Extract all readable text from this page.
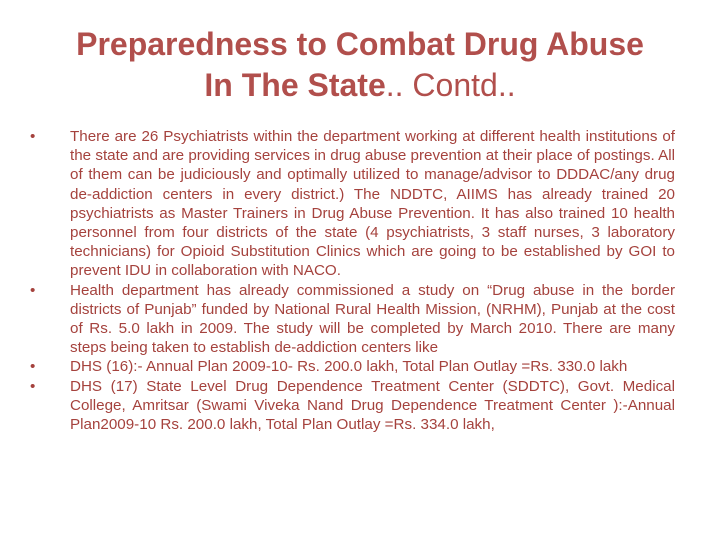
Preparedness to Combat Drug Abuse
In The State.. Contd..
•	There are 26 Psychiatrists within the department working at different health institutions of the state and are providing services in drug abuse prevention at their place of postings. All of them can be judiciously and optimally utilized to manage/advisor to DDDAC/any drug de-addiction centers in every district.) The NDDTC, AIIMS has already trained 20 psychiatrists as Master Trainers in Drug Abuse Prevention. It has also trained 10 health personnel from four districts of the state (4 psychiatrists, 3 staff nurses, 3 laboratory technicians) for Opioid Substitution Clinics which are going to be established by GOI to prevent IDU in collaboration with NACO.
•	Health department has already commissioned a study on “Drug abuse in the border districts of Punjab” funded by National Rural Health Mission, (NRHM), Punjab at the cost of Rs. 5.0 lakh in 2009. The study will be completed by March 2010. There are many steps being taken to establish de-addiction centers like
•	DHS (16):- Annual Plan 2009-10- Rs. 200.0 lakh, Total Plan Outlay =Rs. 330.0 lakh
•	DHS (17) State Level Drug Dependence Treatment Center (SDDTC), Govt. Medical College, Amritsar (Swami Viveka Nand Drug Dependence Treatment Center ):-Annual Plan2009-10 Rs. 200.0 lakh, Total Plan Outlay =Rs. 334.0 lakh,
